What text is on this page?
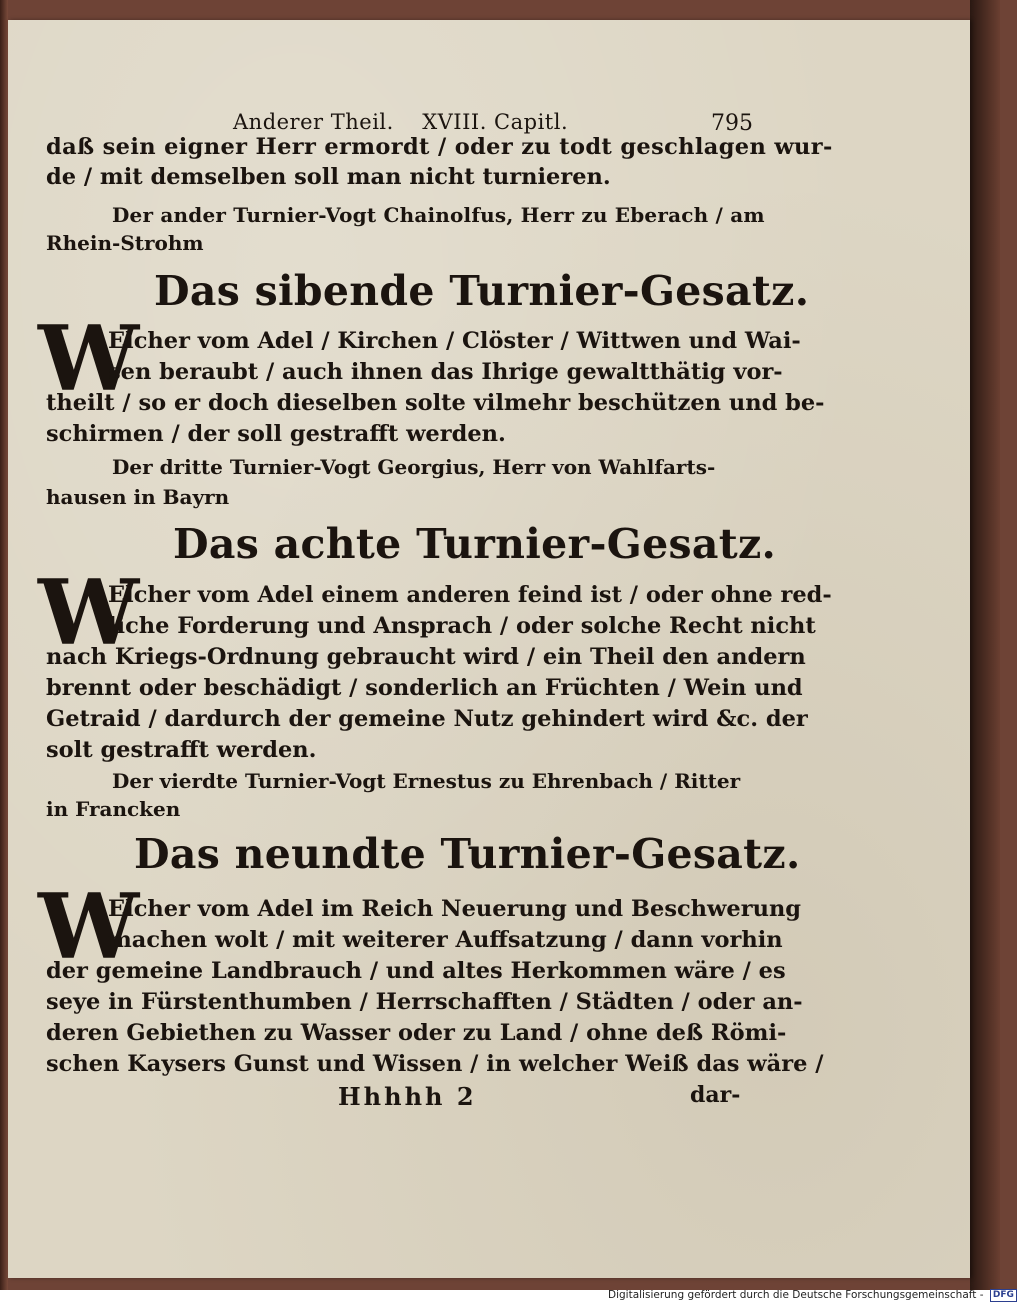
Anderer Theil. XVIII. Capitl.	795
daß sein eigner Herr ermordt / oder zu todt geschlagen wur-
de / mit demselben soll man nicht turnieren.
Der ander Turnier-Vogt Chainolfus, Herr zu Eberach / am
Rhein-Strohm
Das sibende Turnier-Gesatz.
W
Elcher vom Adel / Kirchen / Clöster / Wittwen und Wai-
sen beraubt / auch ihnen das Ihrige gewaltthätig vor-
theilt / so er doch dieselben solte vilmehr beschützen und be-
schirmen / der soll gestrafft werden.
Der dritte Turnier-Vogt Georgius, Herr von Wahlfarts-
hausen in Bayrn
Das achte Turnier-Gesatz.
W
Elcher vom Adel einem anderen feind ist / oder ohne red-
liche Forderung und Ansprach / oder solche Recht nicht
nach Kriegs-Ordnung gebraucht wird / ein Theil den andern
brennt oder beschädigt / sonderlich an Früchten / Wein und
Getraid / dardurch der gemeine Nutz gehindert wird &c. der
solt gestrafft werden.
Der vierdte Turnier-Vogt Ernestus zu Ehrenbach / Ritter
in Francken
Das neundte Turnier-Gesatz.
W
Elcher vom Adel im Reich Neuerung und Beschwerung
machen wolt / mit weiterer Auffsatzung / dann vorhin
der gemeine Landbrauch / und altes Herkommen wäre / es
seye in Fürstenthumben / Herrschafften / Städten / oder an-
deren Gebiethen zu Wasser oder zu Land / ohne deß Römi-
schen Kaysers Gunst und Wissen / in welcher Weiß das wäre /
Hhhhh 2	dar-
Digitalisierung gefördert durch die Deutsche Forschungsgemeinschaft - DFG
